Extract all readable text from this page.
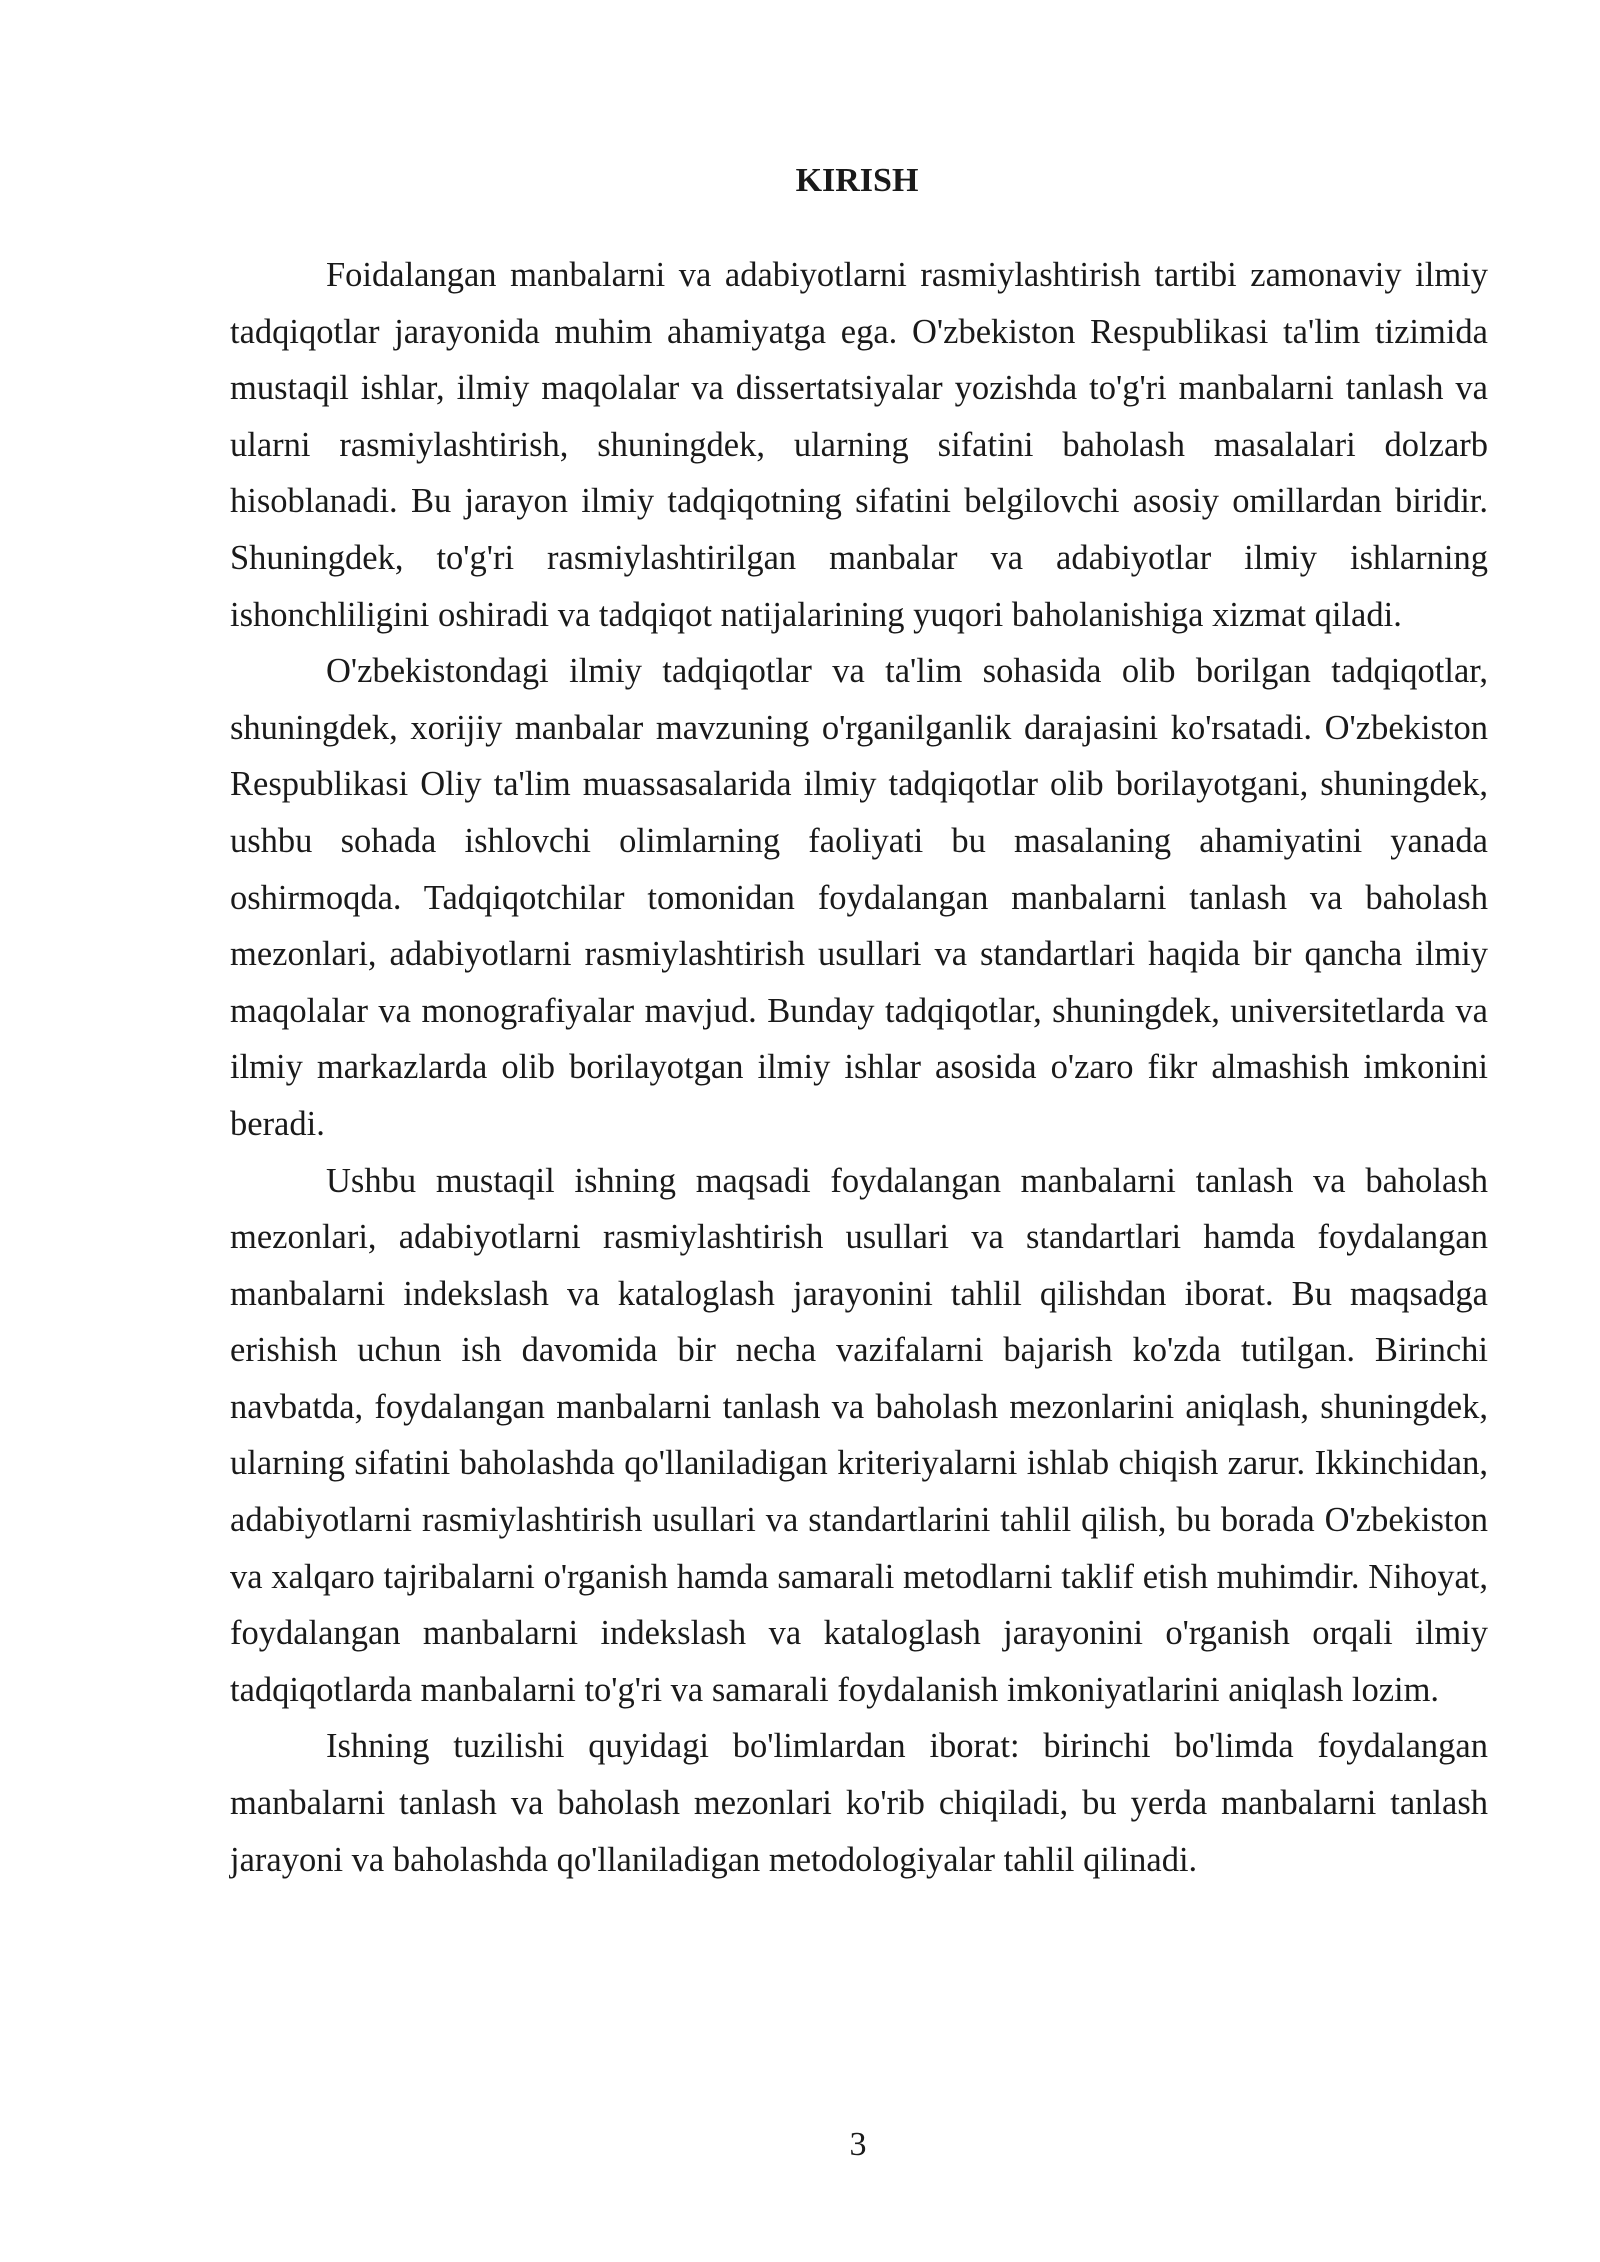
KIRISH

Foidalangan manbalarni va adabiyotlarni rasmiylashtirish tartibi zamonaviy ilmiy tadqiqotlar jarayonida muhim ahamiyatga ega. O'zbekiston Respublikasi ta'lim tizimida mustaqil ishlar, ilmiy maqolalar va dissertatsiyalar yozishda to'g'ri manbalarni tanlash va ularni rasmiylashtirish, shuningdek, ularning sifatini baholash masalalari dolzarb hisoblanadi. Bu jarayon ilmiy tadqiqotning sifatini belgilovchi asosiy omillardan biridir. Shuningdek, to'g'ri rasmiylashtirilgan manbalar va adabiyotlar ilmiy ishlarning ishonchliligini oshiradi va tadqiqot natijalarining yuqori baholanishiga xizmat qiladi.

O'zbekistondagi ilmiy tadqiqotlar va ta'lim sohasida olib borilgan tadqiqotlar, shuningdek, xorijiy manbalar mavzuning o'rganilganlik darajasini ko'rsatadi. O'zbekiston Respublikasi Oliy ta'lim muassasalarida ilmiy tadqiqotlar olib borilayotgani, shuningdek, ushbu sohada ishlovchi olimlarning faoliyati bu masalaning ahamiyatini yanada oshirmoqda. Tadqiqotchilar tomonidan foydalangan manbalarni tanlash va baholash mezonlari, adabiyotlarni rasmiylashtirish usullari va standartlari haqida bir qancha ilmiy maqolalar va monografiyalar mavjud. Bunday tadqiqotlar, shuningdek, universitetlarda va ilmiy markazlarda olib borilayotgan ilmiy ishlar asosida o'zaro fikr almashish imkonini beradi.

Ushbu mustaqil ishning maqsadi foydalangan manbalarni tanlash va baholash mezonlari, adabiyotlarni rasmiylashtirish usullari va standartlari hamda foydalangan manbalarni indekslash va kataloglash jarayonini tahlil qilishdan iborat. Bu maqsadga erishish uchun ish davomida bir necha vazifalarni bajarish ko'zda tutilgan. Birinchi navbatda, foydalangan manbalarni tanlash va baholash mezonlarini aniqlash, shuningdek, ularning sifatini baholashda qo'llaniladigan kriteriyalarni ishlab chiqish zarur. Ikkinchidan, adabiyotlarni rasmiylashtirish usullari va standartlarini tahlil qilish, bu borada O'zbekiston va xalqaro tajribalarni o'rganish hamda samarali metodlarni taklif etish muhimdir. Nihoyat, foydalangan manbalarni indekslash va kataloglash jarayonini o'rganish orqali ilmiy tadqiqotlarda manbalarni to'g'ri va samarali foydalanish imkoniyatlarini aniqlash lozim.

Ishning tuzilishi quyidagi bo'limlardan iborat: birinchi bo'limda foydalangan manbalarni tanlash va baholash mezonlari ko'rib chiqiladi, bu yerda manbalarni tanlash jarayoni va baholashda qo'llaniladigan metodologiyalar tahlil qilinadi.

3
